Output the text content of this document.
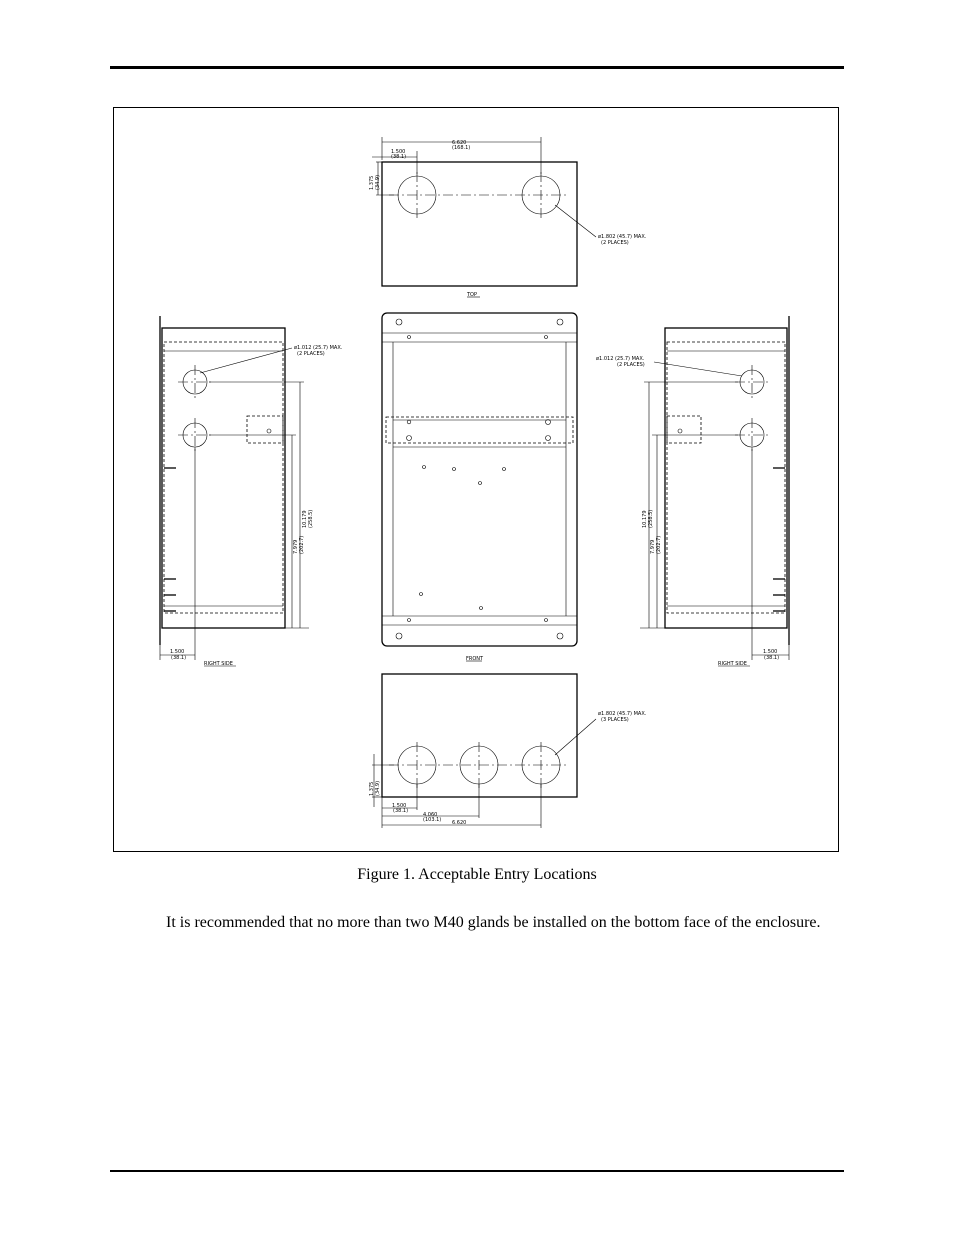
6.620
(168.1)
1.500
(38.1)
1.375 (34.9)
ø1.802 (45.7) MAX.
(2 PLACES)
TOP
FRONT
10.179 (258.5)
7.979 (202.7)
ø1.012 (25.7) MAX.
(2 PLACES)
1.500
(38.1)
RIGHT SIDE
10.179 (258.5)
7.979 (202.7)
ø1.012 (25.7) MAX.
(2 PLACES)
1.500
(38.1)
RIGHT SIDE
ø1.802 (45.7) MAX.
(3 PLACES)
1.375 (34.9)
1.500
(38.1)
4.060
(103.1) 6.620
Figure 1. Acceptable Entry Locations

It is recommended that no more than two M40 glands be installed on the bottom face of the enclosure.
